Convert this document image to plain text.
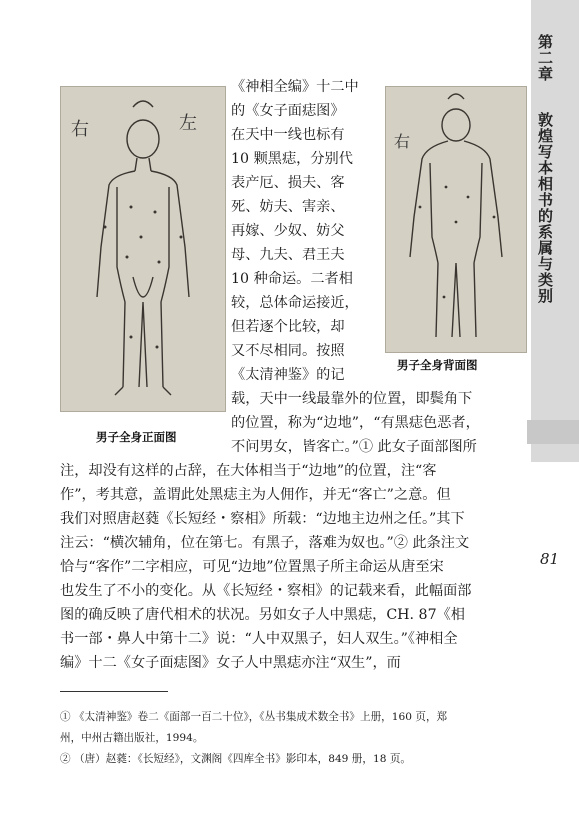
第二章
敦煌写本相书的系属与类别
81
右	左
男子全身正面图
右
男子全身背面图
《神相全编》十二中
的《女子面痣图》
在天中一线也标有
10 颗黑痣，分别代
表产厄、损夫、客
死、妨夫、害亲、
再嫁、少奴、妨父
母、九夫、君王夫
10 种命运。二者相
较，总体命运接近，
但若逐个比较，却
又不尽相同。按照
《太清神鉴》的记
载，天中一线最靠外的位置，即鬓角下
的位置，称为“边地”，“有黑痣色恶者，
不问男女，皆客亡。”① 此女子面部图所
注，却没有这样的占辞，在大体相当于“边地”的位置，注“客
作”，考其意，盖谓此处黑痣主为人佣作，并无“客亡”之意。但
我们对照唐赵蕤《长短经・察相》所载：“边地主边州之任。”其下
注云：“横次辅角，位在第七。有黑子，落难为奴也。”② 此条注文
恰与“客作”二字相应，可见“边地”位置黑子所主命运从唐至宋
也发生了不小的变化。从《长短经・察相》的记载来看，此幅面部
图的确反映了唐代相术的状况。另如女子人中黑痣，CH. 87《相
书一部・鼻人中第十二》说：“人中双黑子，妇人双生。”《神相全
编》十二《女子面痣图》女子人中黑痣亦注“双生”，而
① 《太清神鉴》卷二《面部一百二十位》，《丛书集成术数全书》上册，160 页，郑
州，中州古籍出版社，1994。
② （唐）赵蕤：《长短经》，文渊阁《四库全书》影印本，849 册，18 页。
